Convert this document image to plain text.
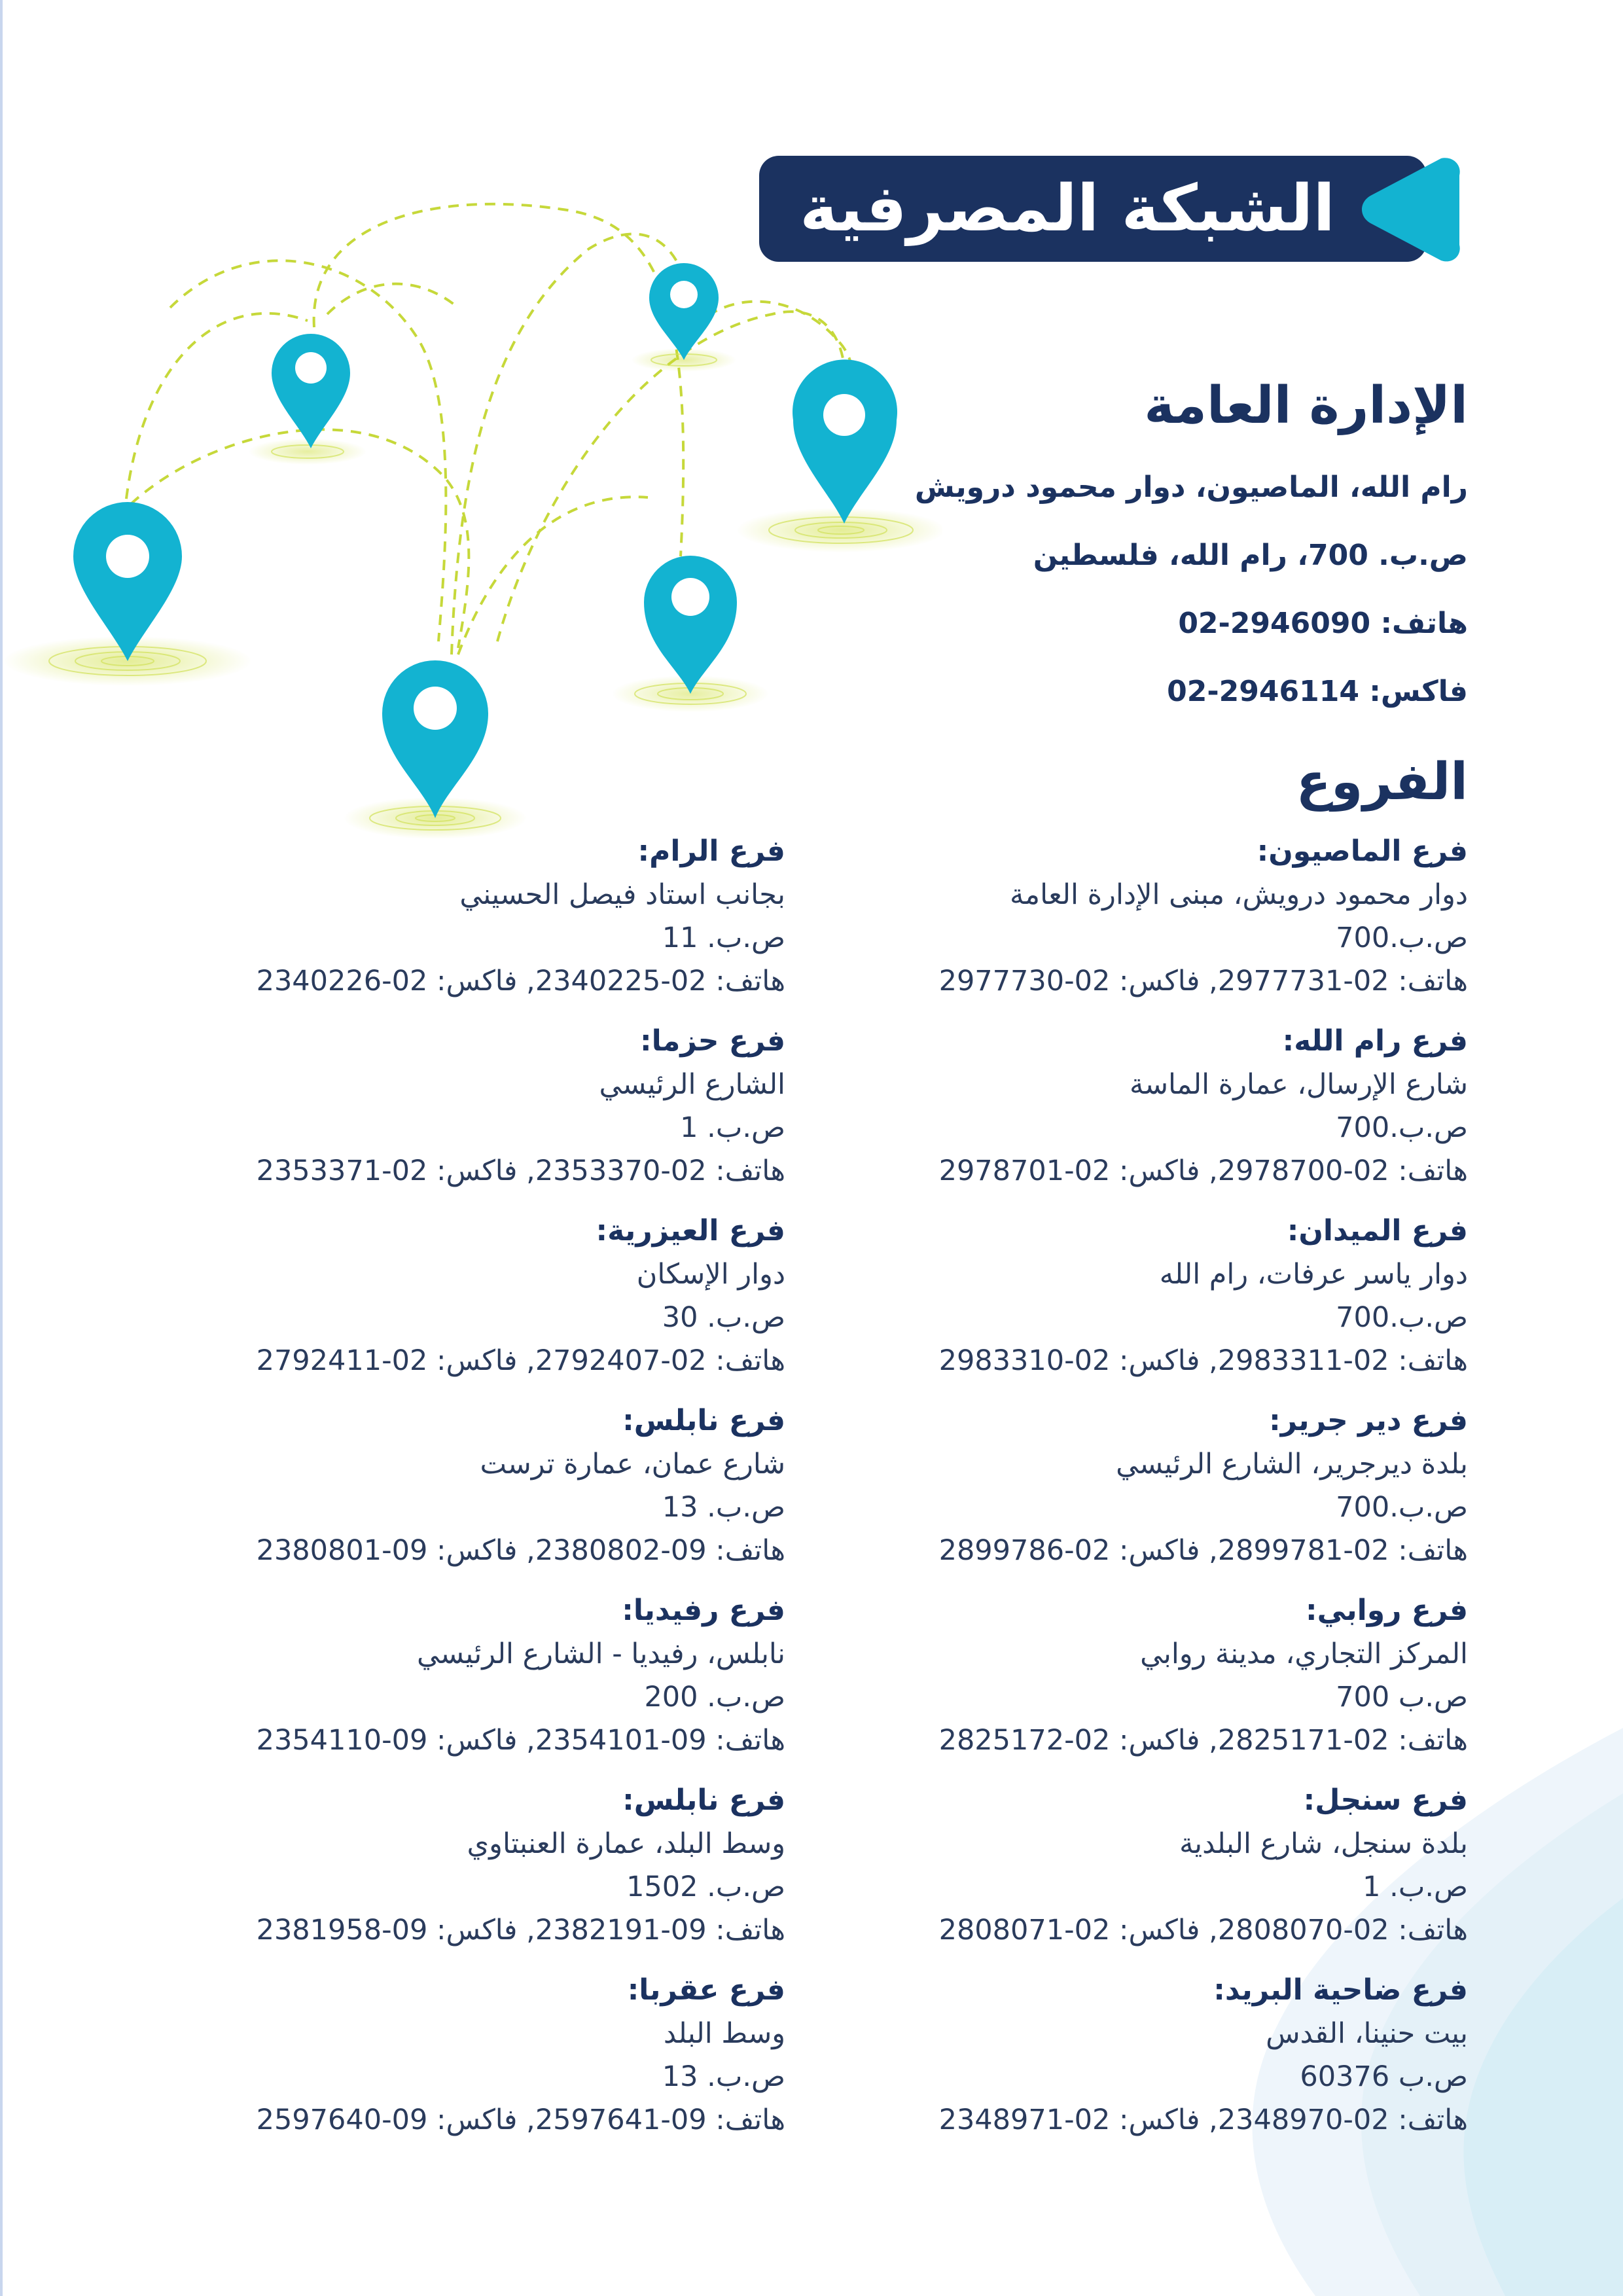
الشبكة المصرفية
الإدارة العامة
رام الله، الماصيون، دوار محمود درويش
ص.ب. 700، رام الله، فلسطين
هاتف: 02-2946090
فاكس: 02-2946114
الفروع
فرع الماصيون:
دوار محمود درويش، مبنى الإدارة العامة
ص.ب.700
هاتف: 02-2977731, فاكس: 02-2977730
فرع رام الله:
شارع الإرسال، عمارة الماسة
ص.ب.700
هاتف: 02-2978700, فاكس: 02-2978701
فرع الميدان:
دوار ياسر عرفات، رام الله
ص.ب.700
هاتف: 02-2983311, فاكس: 02-2983310
فرع دير جرير:
بلدة ديرجرير، الشارع الرئيسي
ص.ب.700
هاتف: 02-2899781, فاكس: 02-2899786
فرع روابي:
المركز التجاري، مدينة روابي
ص.ب 700
هاتف: 02-2825171, فاكس: 02-2825172
فرع سنجل:
بلدة سنجل، شارع البلدية
ص.ب. 1
هاتف: 02-2808070, فاكس: 02-2808071
فرع ضاحية البريد:
بيت حنينا، القدس
ص.ب 60376
هاتف: 02-2348970, فاكس: 02-2348971
فرع الرام:
بجانب استاد فيصل الحسيني
ص.ب. 11
هاتف: 02-2340225, فاكس: 02-2340226
فرع حزما:
الشارع الرئيسي
ص.ب. 1
هاتف: 02-2353370, فاكس: 02-2353371
فرع العيزرية:
دوار الإسكان
ص.ب. 30
هاتف: 02-2792407, فاكس: 02-2792411
فرع نابلس:
شارع عمان، عمارة ترست
ص.ب. 13
هاتف: 09-2380802, فاكس: 09-2380801
فرع رفيديا:
نابلس، رفيديا - الشارع الرئيسي
ص.ب. 200
هاتف: 09-2354101, فاكس: 09-2354110
فرع نابلس:
وسط البلد، عمارة العنبتاوي
ص.ب. 1502
هاتف: 09-2382191, فاكس: 09-2381958
فرع عقربا:
وسط البلد
ص.ب. 13
هاتف: 09-2597641, فاكس: 09-2597640
